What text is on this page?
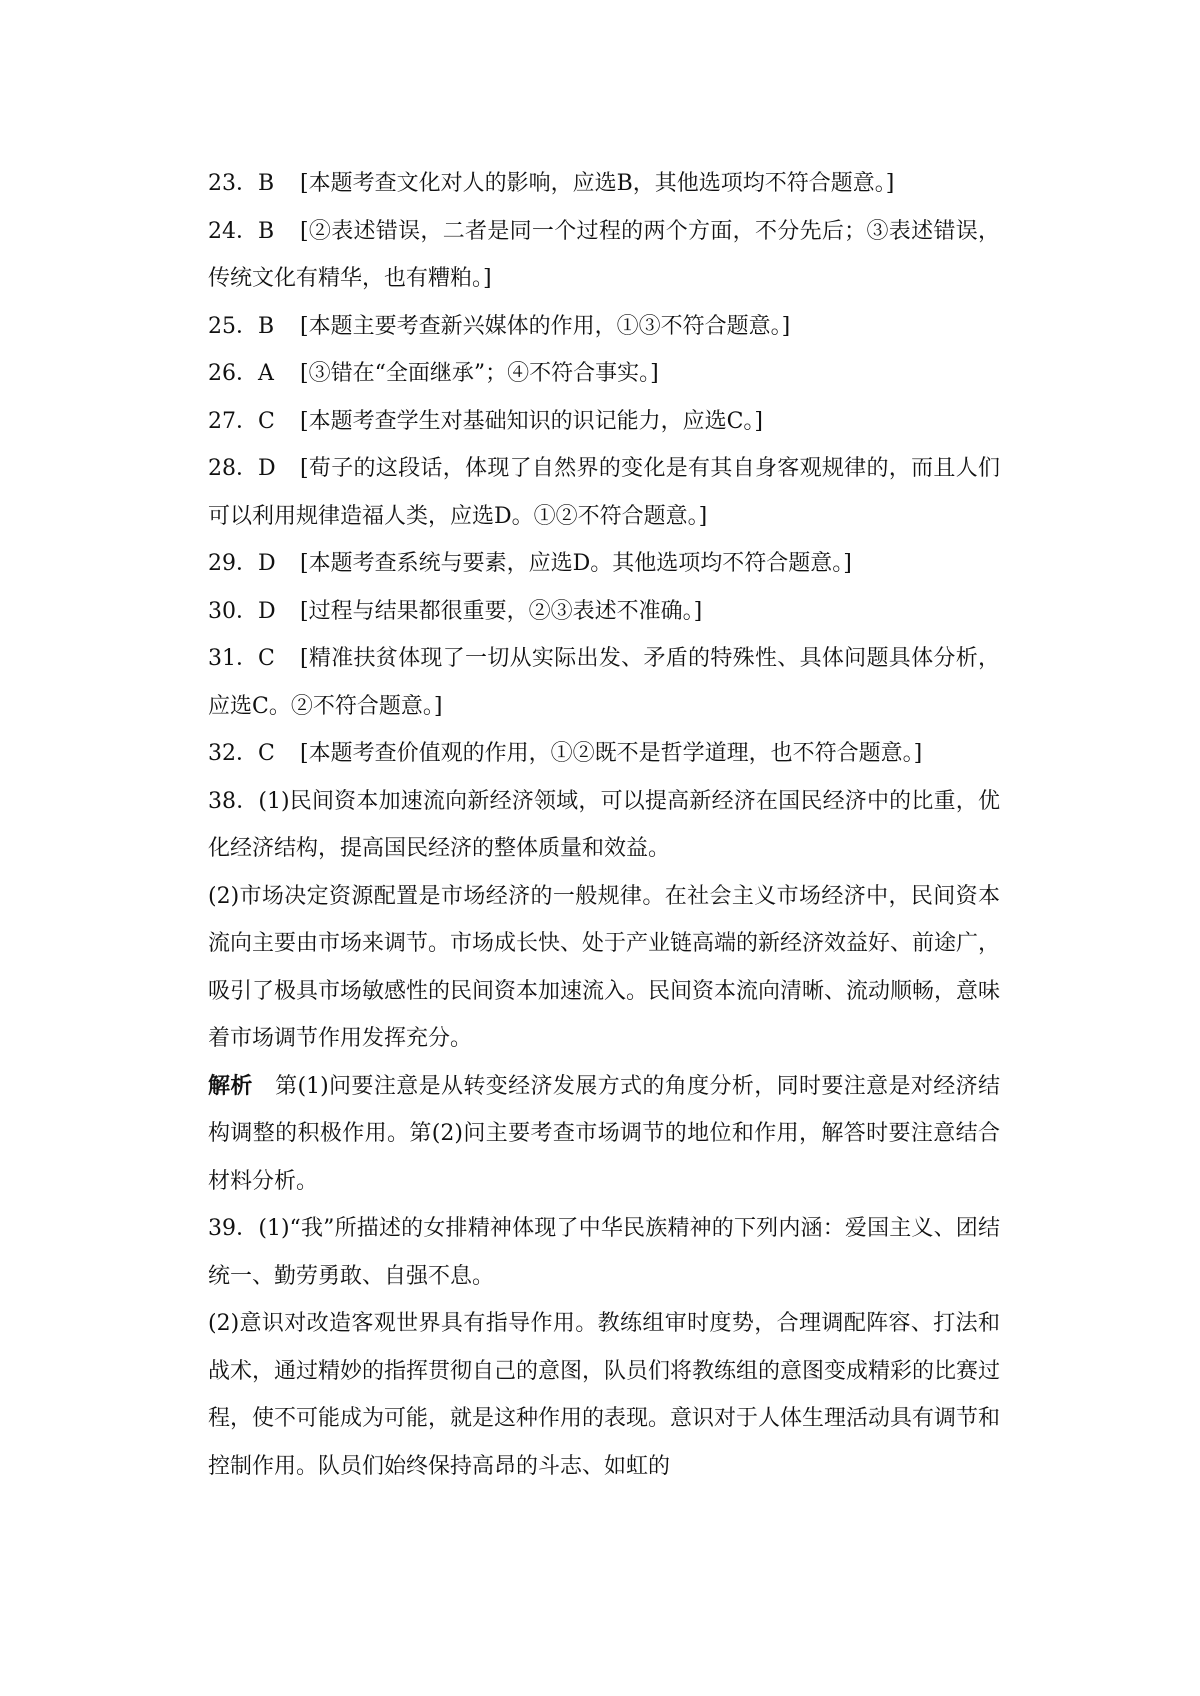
23．B [本题考查文化对人的影响，应选B，其他选项均不符合题意。]

24．B [②表述错误，二者是同一个过程的两个方面，不分先后；③表述错误，传统文化有精华，也有糟粕。]

25．B [本题主要考查新兴媒体的作用，①③不符合题意。]

26．A [③错在“全面继承”；④不符合事实。]

27．C [本题考查学生对基础知识的识记能力，应选C。]

28．D [荀子的这段话，体现了自然界的变化是有其自身客观规律的，而且人们可以利用规律造福人类，应选D。①②不符合题意。]

29．D [本题考查系统与要素，应选D。其他选项均不符合题意。]

30．D [过程与结果都很重要，②③表述不准确。]

31．C [精准扶贫体现了一切从实际出发、矛盾的特殊性、具体问题具体分析，应选C。②不符合题意。]

32．C [本题考查价值观的作用，①②既不是哲学道理，也不符合题意。]

38．(1)民间资本加速流向新经济领域，可以提高新经济在国民经济中的比重，优化经济结构，提高国民经济的整体质量和效益。

(2)市场决定资源配置是市场经济的一般规律。在社会主义市场经济中，民间资本流向主要由市场来调节。市场成长快、处于产业链高端的新经济效益好、前途广，吸引了极具市场敏感性的民间资本加速流入。民间资本流向清晰、流动顺畅，意味着市场调节作用发挥充分。

解析 第(1)问要注意是从转变经济发展方式的角度分析，同时要注意是对经济结构调整的积极作用。第(2)问主要考查市场调节的地位和作用，解答时要注意结合材料分析。

39．(1)“我”所描述的女排精神体现了中华民族精神的下列内涵：爱国主义、团结统一、勤劳勇敢、自强不息。

(2)意识对改造客观世界具有指导作用。教练组审时度势，合理调配阵容、打法和战术，通过精妙的指挥贯彻自己的意图，队员们将教练组的意图变成精彩的比赛过程，使不可能成为可能，就是这种作用的表现。意识对于人体生理活动具有调节和控制作用。队员们始终保持高昂的斗志、如虹的
